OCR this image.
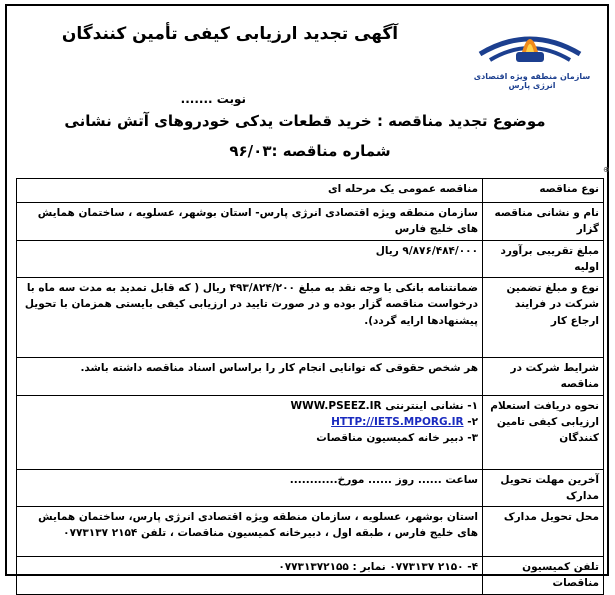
سازمان منطقه ویژه اقتصادی انرژی پارس
آگهی تجدید ارزیابی کیفی تأمین کنندگان
نوبت .......
موضوع تجدید مناقصه : خرید قطعات یدکی خودروهای آتش نشانی
شماره مناقصه :۹۶/۰۳
⊕
نوع مناقصه	مناقصه عمومی یک مرحله ای
نام و نشانی مناقصه گزار	سازمان منطقه ویژه اقتصادی انرژی پارس- استان بوشهر، عسلویه ، ساختمان همایش های خلیج فارس
مبلغ تقریبی برآورد اولیه	۹/۸۷۶/۴۸۴/۰۰۰ ریال
نوع و مبلغ تضمین شرکت در فرایند ارجاع کار	ضمانتنامه بانکی یا وجه نقد به مبلغ ۴۹۳/۸۲۴/۲۰۰ ریال ( که قابل تمدید به مدت سه ماه با درخواست مناقصه گزار بوده و در صورت تایید در ارزیابی کیفی بایستی همزمان با تحویل پیشنهادها ارایه گردد).
شرایط شرکت در مناقصه	هر شخص حقوقی که توانایی انجام کار را براساس اسناد مناقصه داشته باشد.
نحوه دریافت استعلام ارزیابی کیفی تامین کنندگان	۱- نشانی اینترنتی WWW.PSEEZ.IR
۲- HTTP://IETS.MPORG.IR
۳- دبیر خانه کمیسیون مناقصات

آخرین مهلت تحویل مدارک	ساعت ...... روز ...... مورخ............
محل تحویل مدارک	استان بوشهر، عسلویه ، سازمان منطقه ویژه اقتصادی انرژی پارس، ساختمان همایش های خلیج فارس ، طبقه اول ، دبیرخانه کمیسیون مناقصات ، تلفن ۲۱۵۴ ۰۷۷۳۱۳۷
تلفن کمیسیون مناقصات	۴- ۲۱۵۰ ۰۷۷۳۱۳۷ نمابر : ۰۷۷۳۱۳۷۲۱۵۵
